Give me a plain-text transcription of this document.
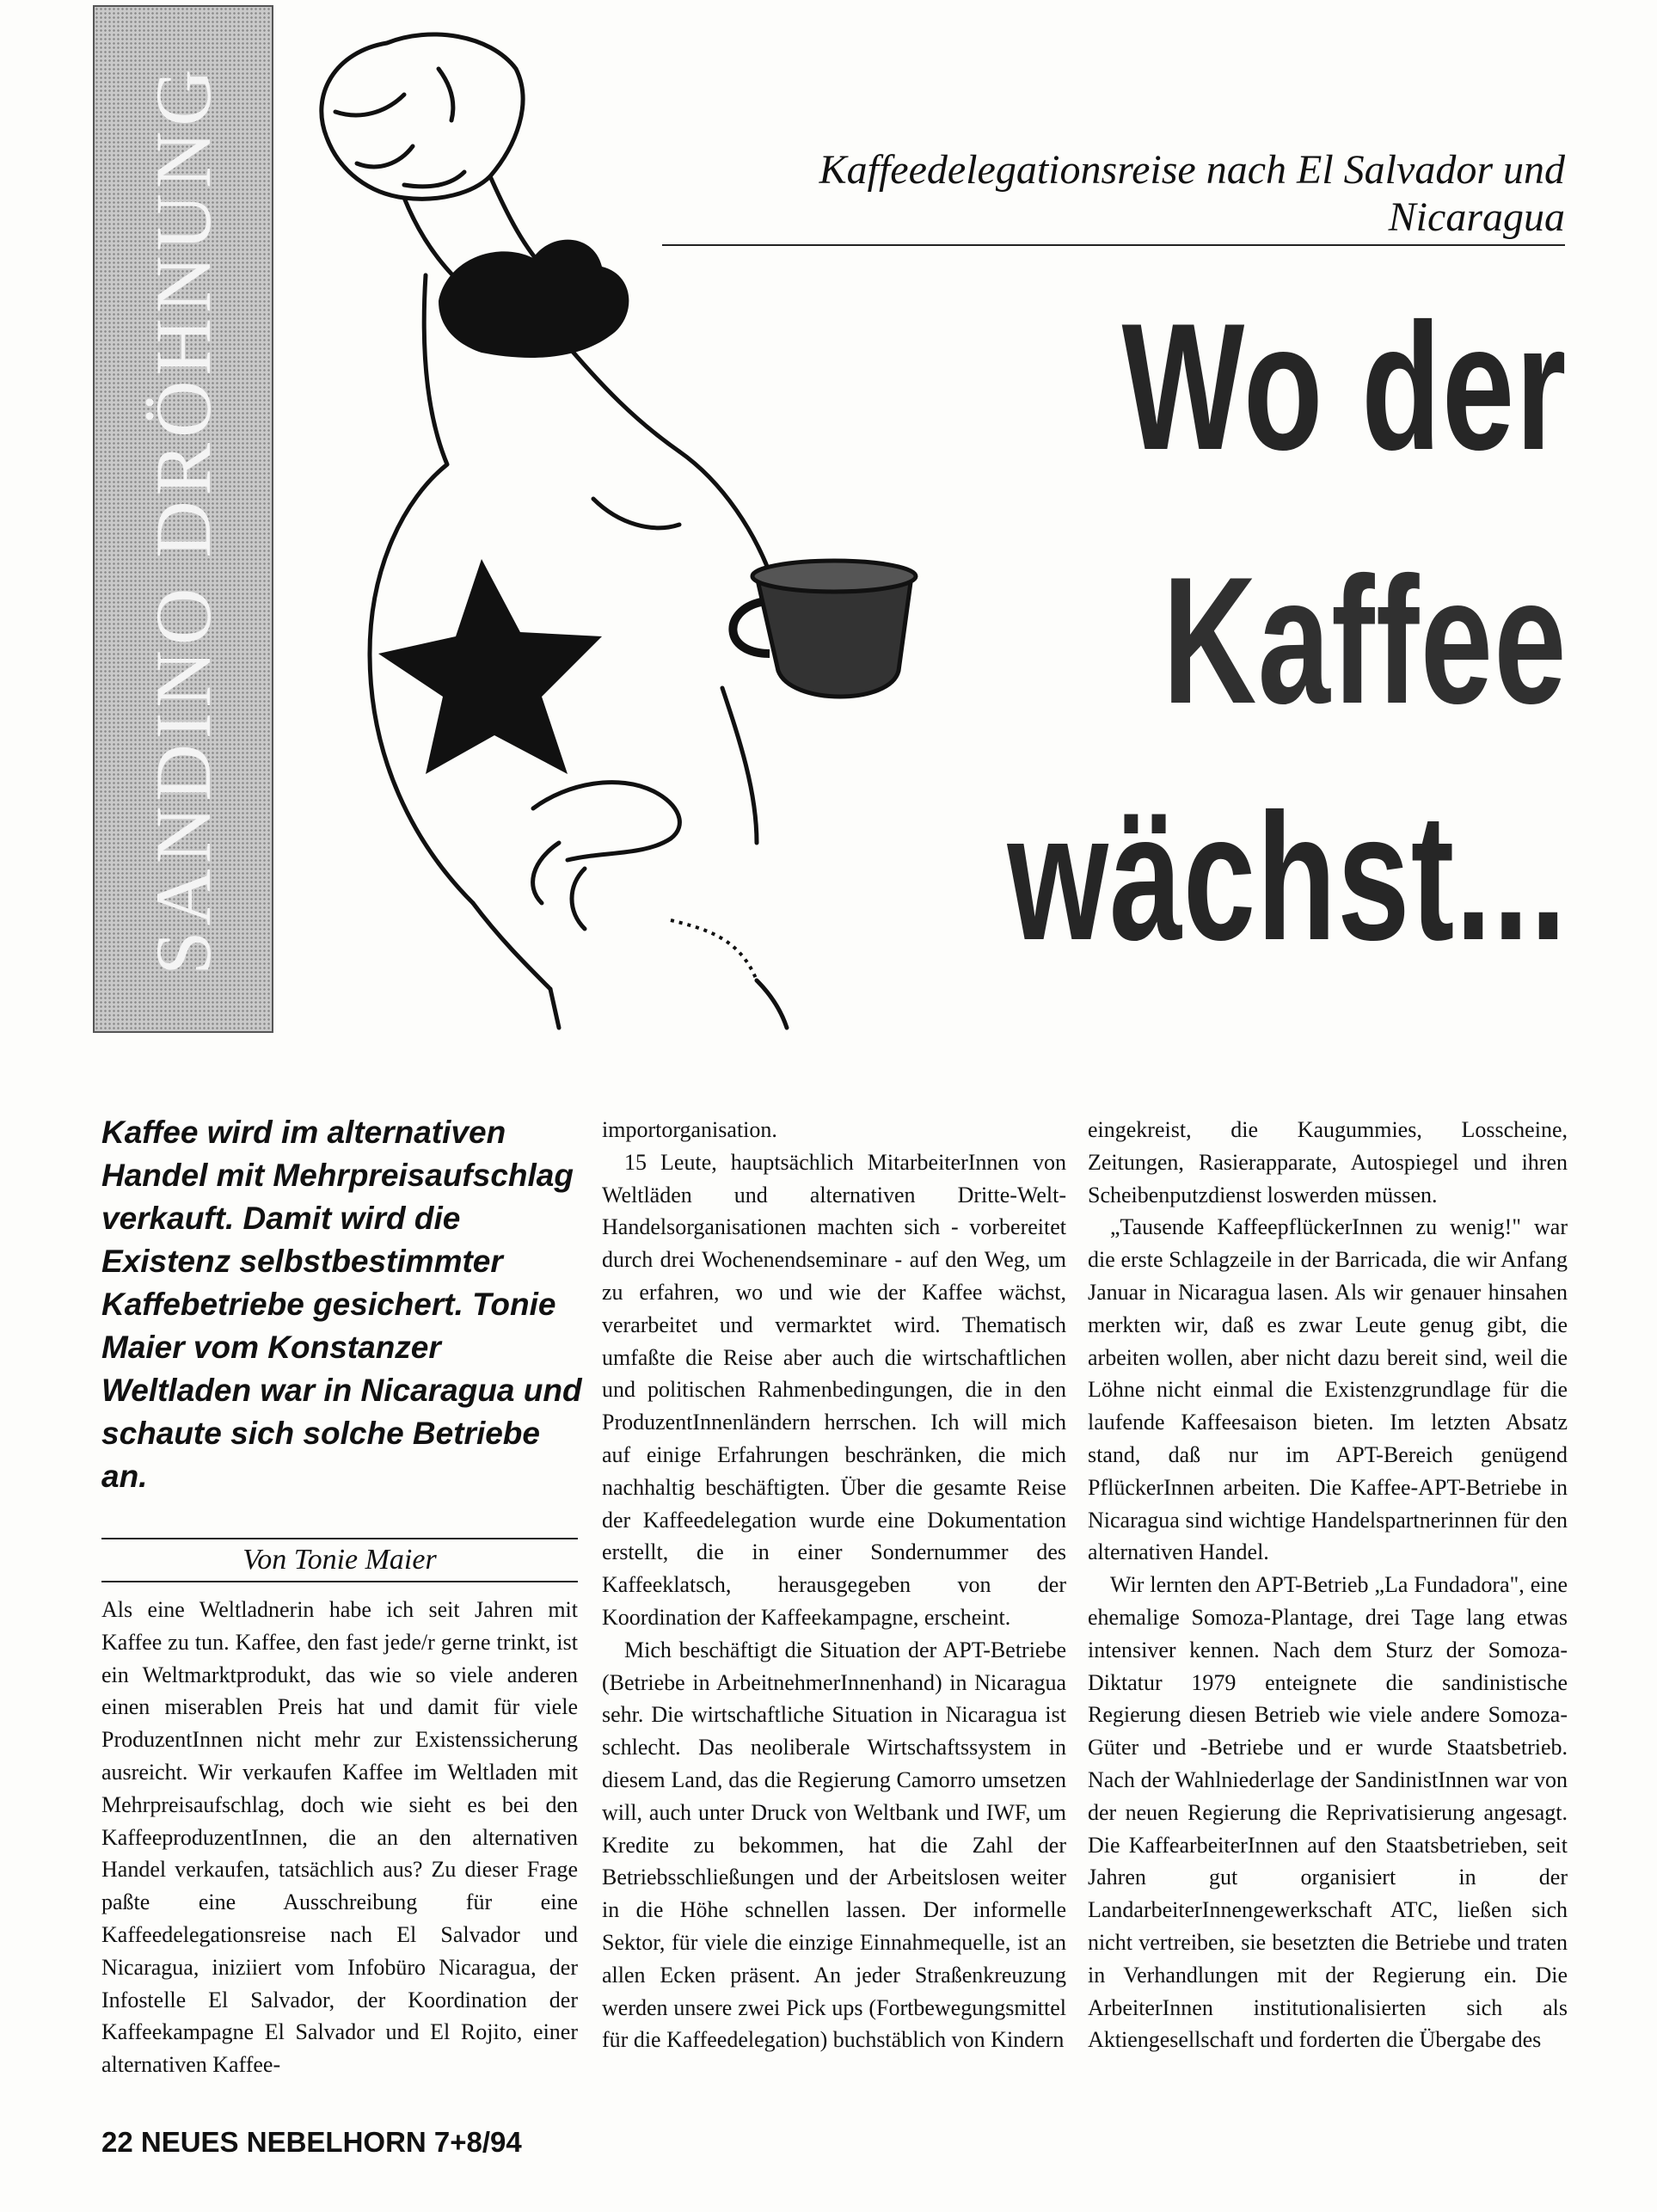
SANDINO DRÖHNUNG	Kaffeedelegationsreise nach El Salvador und Nicaragua
Wo der
Kaffee
wächst...
Kaffee wird im alternativen Handel mit Mehrpreisaufschlag verkauft. Damit wird die Existenz selbstbestimmter Kaffebetriebe gesichert. Tonie Maier vom Konstanzer Weltladen war in Nicaragua und schaute sich solche Betriebe an.
Von Tonie Maier

Als eine Weltladnerin habe ich seit Jahren mit Kaffee zu tun. Kaffee, den fast jede/r gerne trinkt, ist ein Weltmarktprodukt, das wie so viele anderen einen miserablen Preis hat und damit für viele ProduzentInnen nicht mehr zur Existenssicherung ausreicht. Wir verkaufen Kaffee im Weltladen mit Mehrpreisaufschlag, doch wie sieht es bei den KaffeeproduzentInnen, die an den alternativen Handel verkaufen, tatsächlich aus? Zu dieser Frage paßte eine Ausschreibung für eine Kaffeedelegationsreise nach El Salvador und Nicaragua, iniziiert vom Infobüro Nicaragua, der Infostelle El Salvador, der Koordination der Kaffeekampagne El Salvador und El Rojito, einer alternativen Kaffee-

importorganisation.

15 Leute, hauptsächlich MitarbeiterInnen von Weltläden und alternativen Dritte-Welt-Handelsorganisationen machten sich - vorbereitet durch drei Wochenendseminare - auf den Weg, um zu erfahren, wo und wie der Kaffee wächst, verarbeitet und vermarktet wird. Thematisch umfaßte die Reise aber auch die wirtschaftlichen und politischen Rahmenbedingungen, die in den ProduzentInnenländern herrschen. Ich will mich auf einige Erfahrungen beschränken, die mich nachhaltig beschäftigten. Über die gesamte Reise der Kaffeedelegation wurde eine Dokumentation erstellt, die in einer Sondernummer des Kaffeeklatsch, herausgegeben von der Koordination der Kaffeekampagne, erscheint.

Mich beschäftigt die Situation der APT-Betriebe (Betriebe in ArbeitnehmerInnenhand) in Nicaragua sehr. Die wirtschaftliche Situation in Nicaragua ist schlecht. Das neoliberale Wirtschaftssystem in diesem Land, das die Regierung Camorro umsetzen will, auch unter Druck von Weltbank und IWF, um Kredite zu bekommen, hat die Zahl der Betriebsschließungen und der Arbeitslosen weiter in die Höhe schnellen lassen. Der informelle Sektor, für viele die einzige Einnahmequelle, ist an allen Ecken präsent. An jeder Straßenkreuzung werden unsere zwei Pick ups (Fortbewegungsmittel für die Kaffeedelegation) buchstäblich von Kindern

eingekreist, die Kaugummies, Losscheine, Zeitungen, Rasierapparate, Autospiegel und ihren Scheibenputzdienst loswerden müssen.

„Tausende KaffeepflückerInnen zu wenig!" war die erste Schlagzeile in der Barricada, die wir Anfang Januar in Nicaragua lasen. Als wir genauer hinsahen merkten wir, daß es zwar Leute genug gibt, die arbeiten wollen, aber nicht dazu bereit sind, weil die Löhne nicht einmal die Existenzgrundlage für die laufende Kaffeesaison bieten. Im letzten Absatz stand, daß nur im APT-Bereich genügend PflückerInnen arbeiten. Die Kaffee-APT-Betriebe in Nicaragua sind wichtige Handelspartnerinnen für den alternativen Handel.

Wir lernten den APT-Betrieb „La Fundadora", eine ehemalige Somoza-Plantage, drei Tage lang etwas intensiver kennen. Nach dem Sturz der Somoza-Diktatur 1979 enteignete die sandinistische Regierung diesen Betrieb wie viele andere Somoza-Güter und -Betriebe und er wurde Staatsbetrieb. Nach der Wahlniederlage der SandinistInnen war von der neuen Regierung die Reprivatisierung angesagt. Die KaffearbeiterInnen auf den Staatsbetrieben, seit Jahren gut organisiert in der LandarbeiterInnengewerkschaft ATC, ließen sich nicht vertreiben, sie besetzten die Betriebe und traten in Verhandlungen mit der Regierung ein. Die ArbeiterInnen institutionalisierten sich als Aktiengesellschaft und forderten die Übergabe des

22 NEUES NEBELHORN 7+8/94
